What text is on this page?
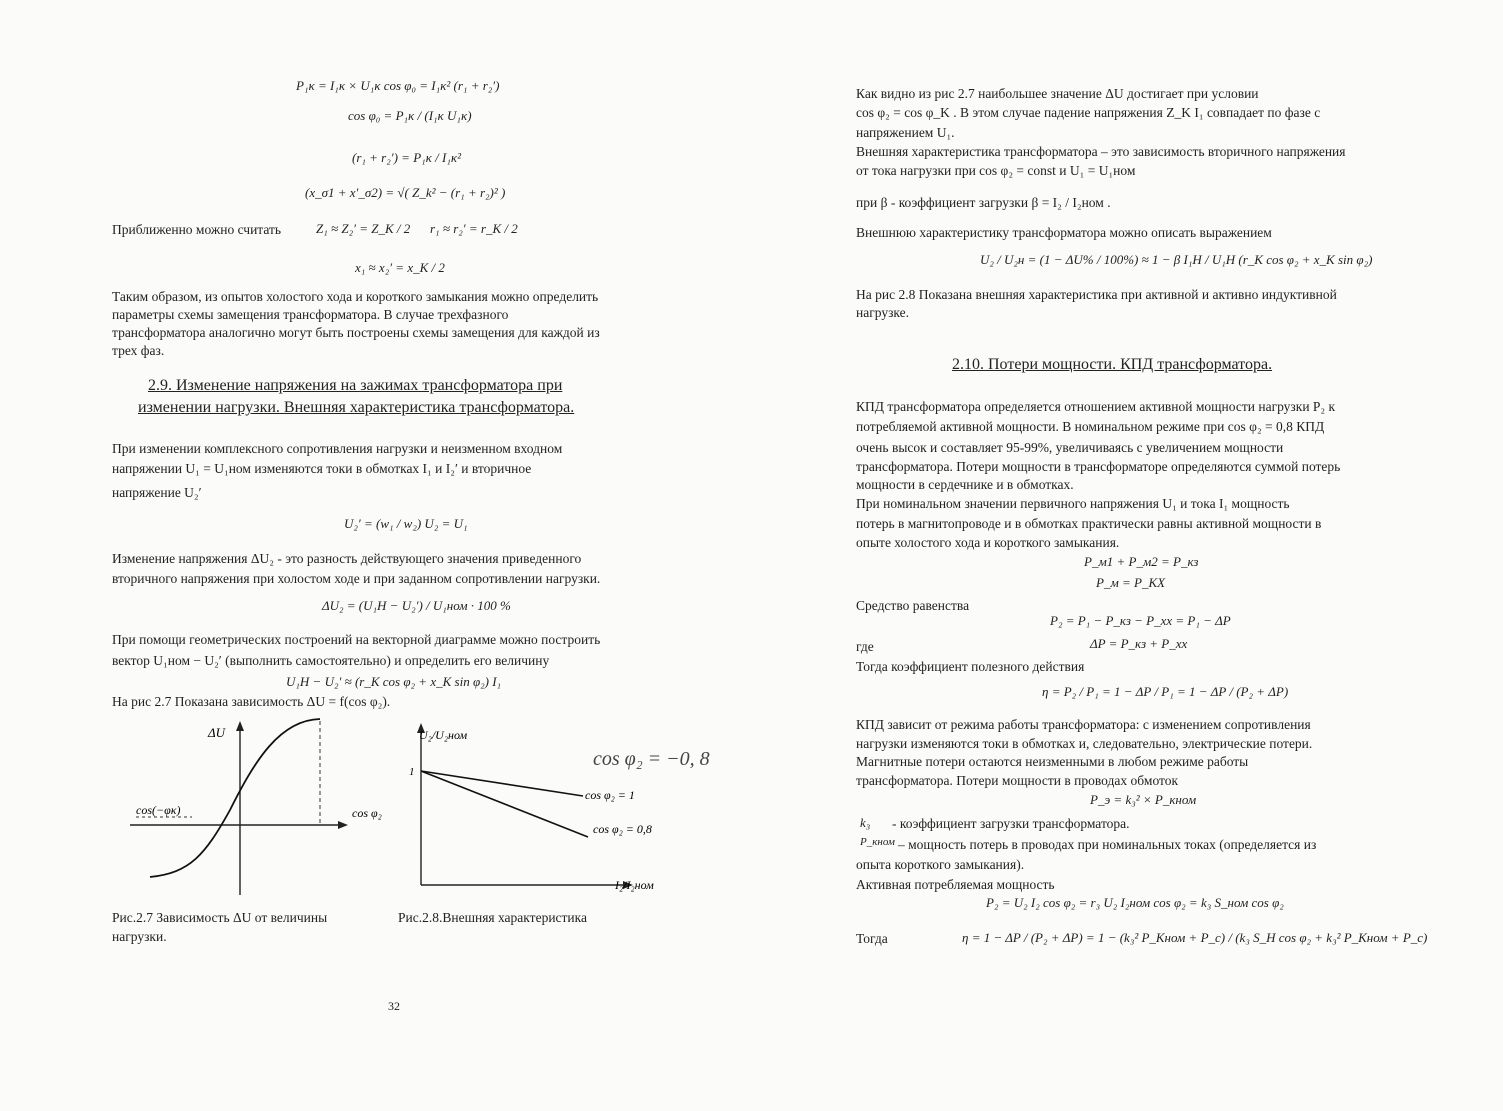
P₁κ = I₁κ × U₁κ cos φ₀ = I₁κ² (r₁ + r₂′)
cos φ₀ = P₁κ / (I₁κ U₁κ)
(r₁ + r₂′) = P₁κ / I₁κ²
(x_σ1 + x′_σ2) = √( Z_k² − (r₁ + r₂)² )
Приближенно можно считать	Z₁ ≈ Z₂′ = Z_K / 2 r₁ ≈ r₂′ = r_K / 2
x₁ ≈ x₂′ = x_K / 2
Таким образом, из опытов холостого хода и короткого замыкания можно определить
параметры схемы замещения трансформатора. В случае трехфазного
трансформатора аналогично могут быть построены схемы замещения для каждой из
трех фаз.
2.9. Изменение напряжения на зажимах трансформатора при
изменении нагрузки. Внешняя характеристика трансформатора.
При изменении комплексного сопротивления нагрузки и неизменном входном
напряжении U₁ = U₁ном изменяются токи в обмотках I₁ и I₂′ и вторичное
напряжение U₂′
U₂′ = (w₁ / w₂) U₂ = U₁
Изменение напряжения ΔU₂ - это разность действующего значения приведенного
вторичного напряжения при холостом ходе и при заданном сопротивлении нагрузки.
ΔU₂ = (U₁Н − U₂′) / U₁ном · 100 %
При помощи геометрических построений на векторной диаграмме можно построить
вектор U₁ном − U₂′ (выполнить самостоятельно) и определить его величину
U₁Н − U₂′ ≈ (r_K cos φ₂ + x_K sin φ₂) I₁
На рис 2.7 Показана зависимость ΔU = f(cos φ₂).
ΔU
cos φ₂
cos(−φκ)
U₂/U₂ном
1
cos φ₂ = 1
cos φ₂ = 0,8
I₂/I₂ном
cos φ₂ = −0, 8
Рис.2.7 Зависимость ΔU от величины нагрузки.
Рис.2.8.Внешняя характеристика
32
Как видно из рис 2.7 наибольшее значение ΔU достигает при условии
cos φ₂ = cos φ_K . В этом случае падение напряжения Z_K I₁ совпадает по фазе с
напряжением U₁.
Внешняя характеристика трансформатора – это зависимость вторичного напряжения
от тока нагрузки при cos φ₂ = const и U₁ = U₁ном
при β - коэффициент загрузки β = I₂ / I₂ном .
Внешнюю характеристику трансформатора можно описать выражением
U₂ / U₂н = (1 − ΔU% / 100%) ≈ 1 − β I₁Н / U₁Н (r_K cos φ₂ + x_K sin φ₂)
На рис 2.8 Показана внешняя характеристика при активной и активно индуктивной
нагрузке.
2.10. Потери мощности. КПД трансформатора.
КПД трансформатора определяется отношением активной мощности нагрузки P₂ к
потребляемой активной мощности. В номинальном режиме при cos φ₂ = 0,8 КПД
очень высок и составляет 95-99%, увеличиваясь с увеличением мощности
трансформатора. Потери мощности в трансформаторе определяются суммой потерь
мощности в сердечнике и в обмотках.
При номинальном значении первичного напряжения U₁ и тока I₁ мощность
потерь в магнитопроводе и в обмотках практически равны активной мощности в
опыте холостого хода и короткого замыкания.
P_м1 + P_м2 = P_кз
P_м = P_КХ
Средство равенства
P₂ = P₁ − P_кз − P_хх = P₁ − ΔP
где	ΔP = P_кз + P_хх
Тогда коэффициент полезного действия
η = P₂ / P₁ = 1 − ΔP / P₁ = 1 − ΔP / (P₂ + ΔP)
КПД зависит от режима работы трансформатора: с изменением сопротивления
нагрузки изменяются токи в обмотках и, следовательно, электрические потери.
Магнитные потери остаются неизменными в любом режиме работы
трансформатора. Потери мощности в проводах обмоток
P_э = k₃² × P_кном
k₃ - коэффициент загрузки трансформатора.
P_кном – мощность потерь в проводах при номинальных токах (определяется из
опыта короткого замыкания).
Активная потребляемая мощность
P₂ = U₂ I₂ cos φ₂ = r₃ U₂ I₂ном cos φ₂ = k₃ S_ном cos φ₂
Тогда	η = 1 − ΔP / (P₂ + ΔP) = 1 − (k₃² P_Кном + P_с) / (k₃ S_Н cos φ₂ + k₃² P_Кном + P_с)
